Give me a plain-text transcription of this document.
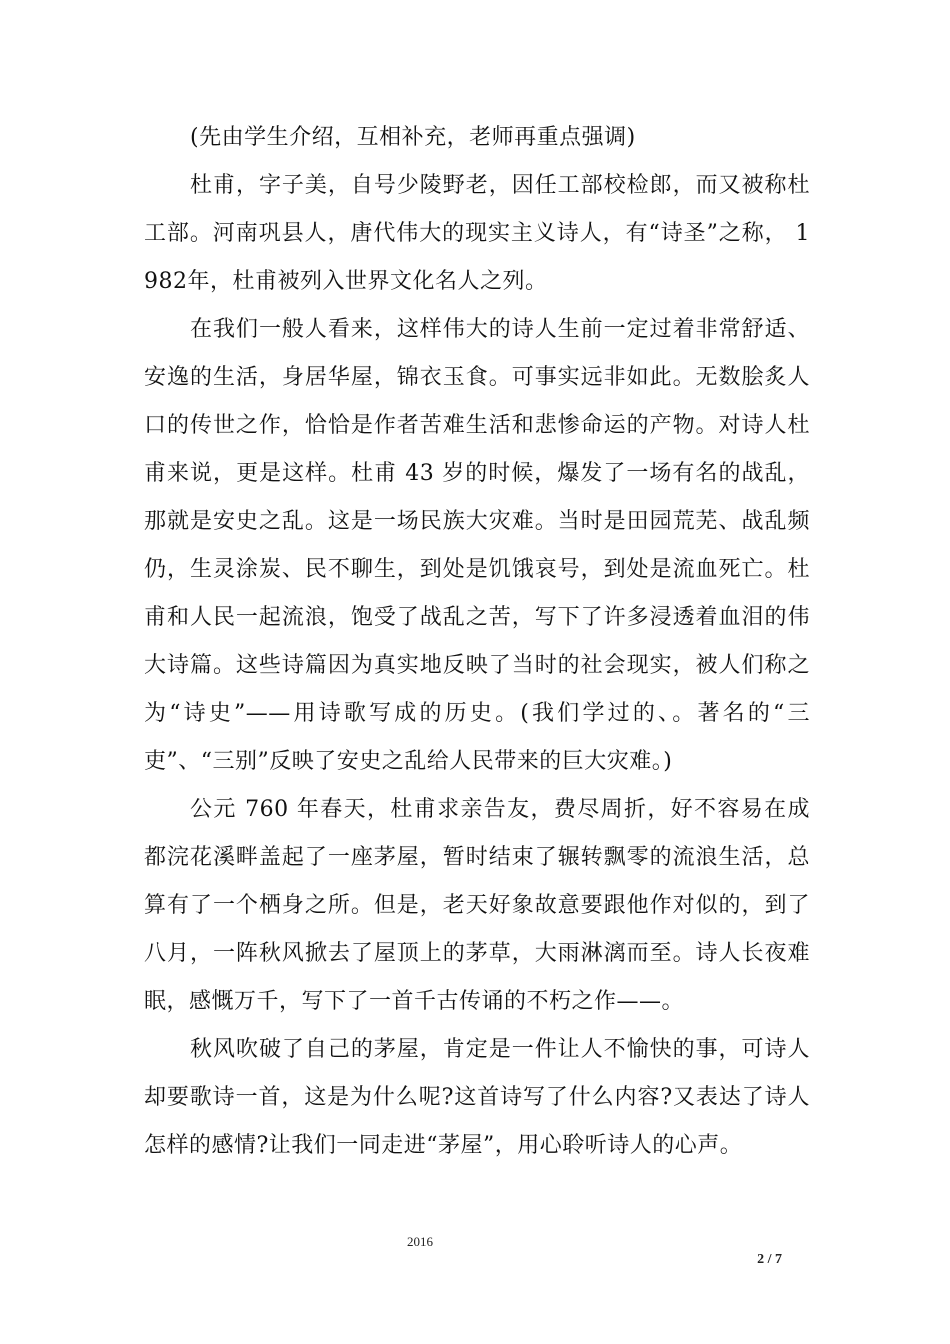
(先由学生介绍，互相补充，老师再重点强调)

杜甫，字子美，自号少陵野老，因任工部校检郎，而又被称杜工部。河南巩县人，唐代伟大的现实主义诗人，有“诗圣”之称， 1982年，杜甫被列入世界文化名人之列。

在我们一般人看来，这样伟大的诗人生前一定过着非常舒适、安逸的生活，身居华屋，锦衣玉食。可事实远非如此。无数脍炙人口的传世之作，恰恰是作者苦难生活和悲惨命运的产物。对诗人杜甫来说，更是这样。杜甫 43 岁的时候，爆发了一场有名的战乱，那就是安史之乱。这是一场民族大灾难。当时是田园荒芜、战乱频仍，生灵涂炭、民不聊生，到处是饥饿哀号，到处是流血死亡。杜甫和人民一起流浪，饱受了战乱之苦，写下了许多浸透着血泪的伟大诗篇。这些诗篇因为真实地反映了当时的社会现实，被人们称之为“诗史”——用诗歌写成的历史。(我们学过的、。著名的“三吏”、“三别”反映了安史之乱给人民带来的巨大灾难。)

公元 760 年春天，杜甫求亲告友，费尽周折，好不容易在成都浣花溪畔盖起了一座茅屋，暂时结束了辗转飘零的流浪生活，总算有了一个栖身之所。但是，老天好象故意要跟他作对似的，到了八月，一阵秋风掀去了屋顶上的茅草，大雨淋漓而至。诗人长夜难眠，感慨万千，写下了一首千古传诵的不朽之作——。

秋风吹破了自己的茅屋，肯定是一件让人不愉快的事，可诗人却要歌诗一首，这是为什么呢?这首诗写了什么内容?又表达了诗人怎样的感情?让我们一同走进“茅屋”，用心聆听诗人的心声。

2016
2 / 7
